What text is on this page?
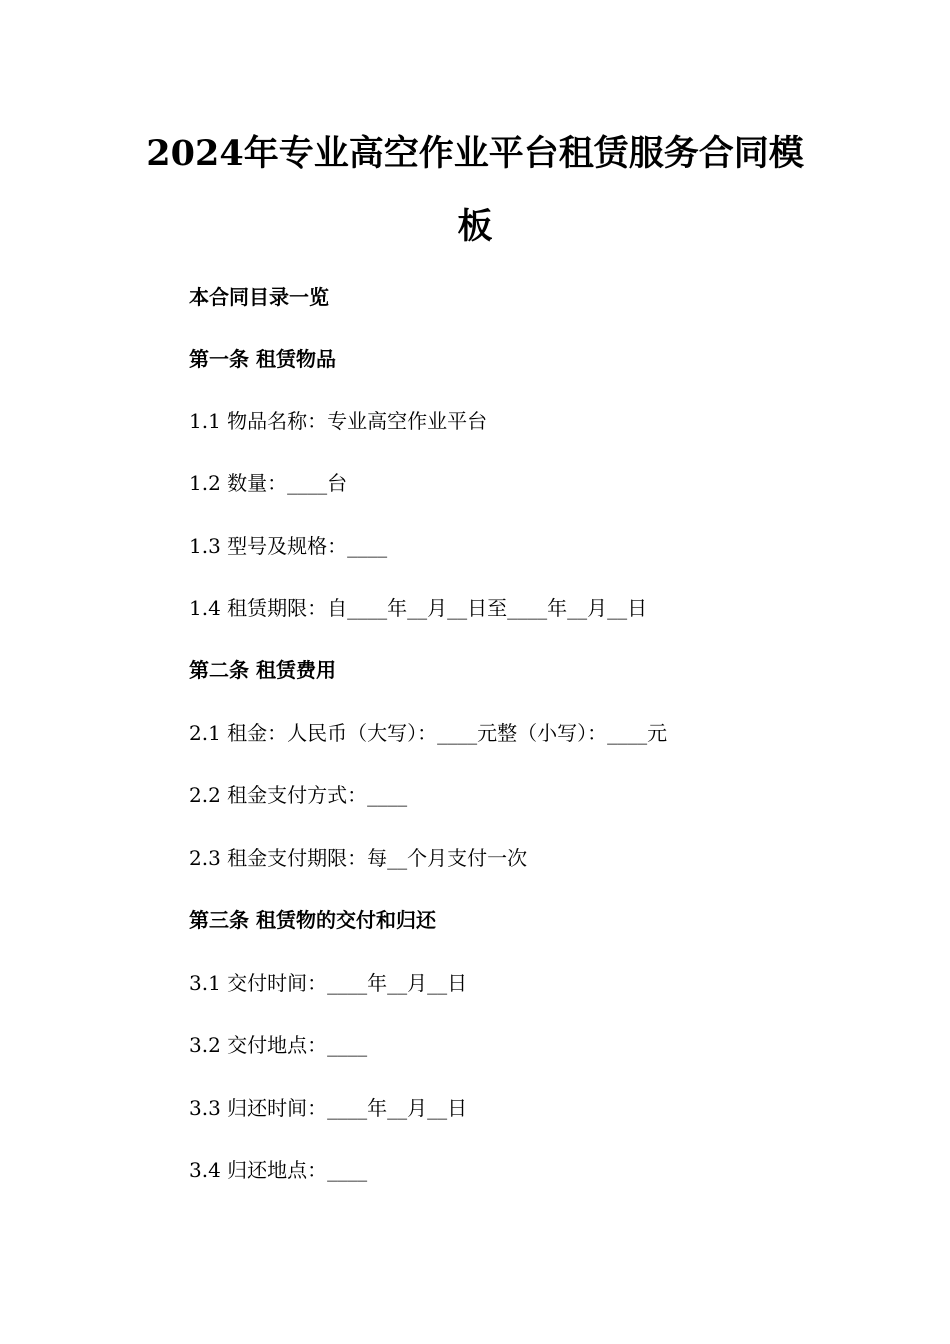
2024年专业高空作业平台租赁服务合同模
板
本合同目录一览
第一条 租赁物品
1.1 物品名称：专业高空作业平台
1.2 数量：____台
1.3 型号及规格：____
1.4 租赁期限：自____年__月__日至____年__月__日
第二条 租赁费用
2.1 租金：人民币（大写）：____元整（小写）：____元
2.2 租金支付方式：____
2.3 租金支付期限：每__个月支付一次
第三条 租赁物的交付和归还
3.1 交付时间：____年__月__日
3.2 交付地点：____
3.3 归还时间：____年__月__日
3.4 归还地点：____
